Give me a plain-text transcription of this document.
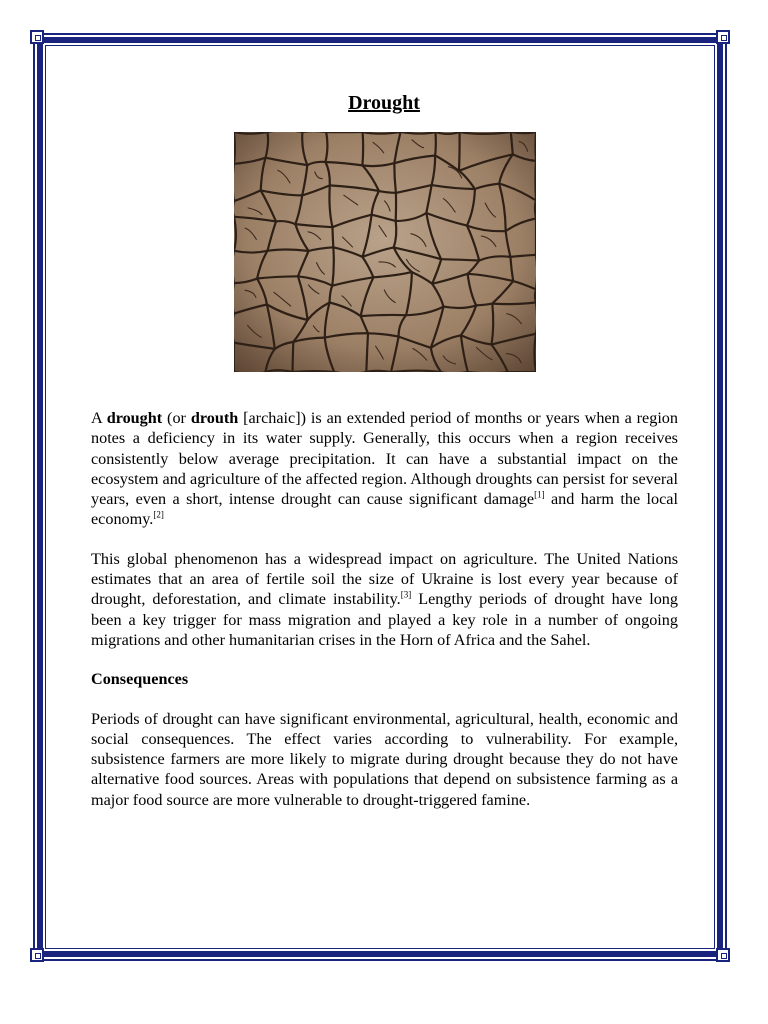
Drought

A drought (or drouth [archaic]) is an extended period of months or years when a region notes a deficiency in its water supply. Generally, this occurs when a region receives consistently below average precipitation. It can have a substantial impact on the ecosystem and agriculture of the affected region. Although droughts can persist for several years, even a short, intense drought can cause significant damage[1] and harm the local economy.[2]

This global phenomenon has a widespread impact on agriculture. The United Nations estimates that an area of fertile soil the size of Ukraine is lost every year because of drought, deforestation, and climate instability.[3] Lengthy periods of drought have long been a key trigger for mass migration and played a key role in a number of ongoing migrations and other humanitarian crises in the Horn of Africa and the Sahel.

Consequences

Periods of drought can have significant environmental, agricultural, health, economic and social consequences. The effect varies according to vulnerability. For example, subsistence farmers are more likely to migrate during drought because they do not have alternative food sources. Areas with populations that depend on subsistence farming as a major food source are more vulnerable to drought-triggered famine.
